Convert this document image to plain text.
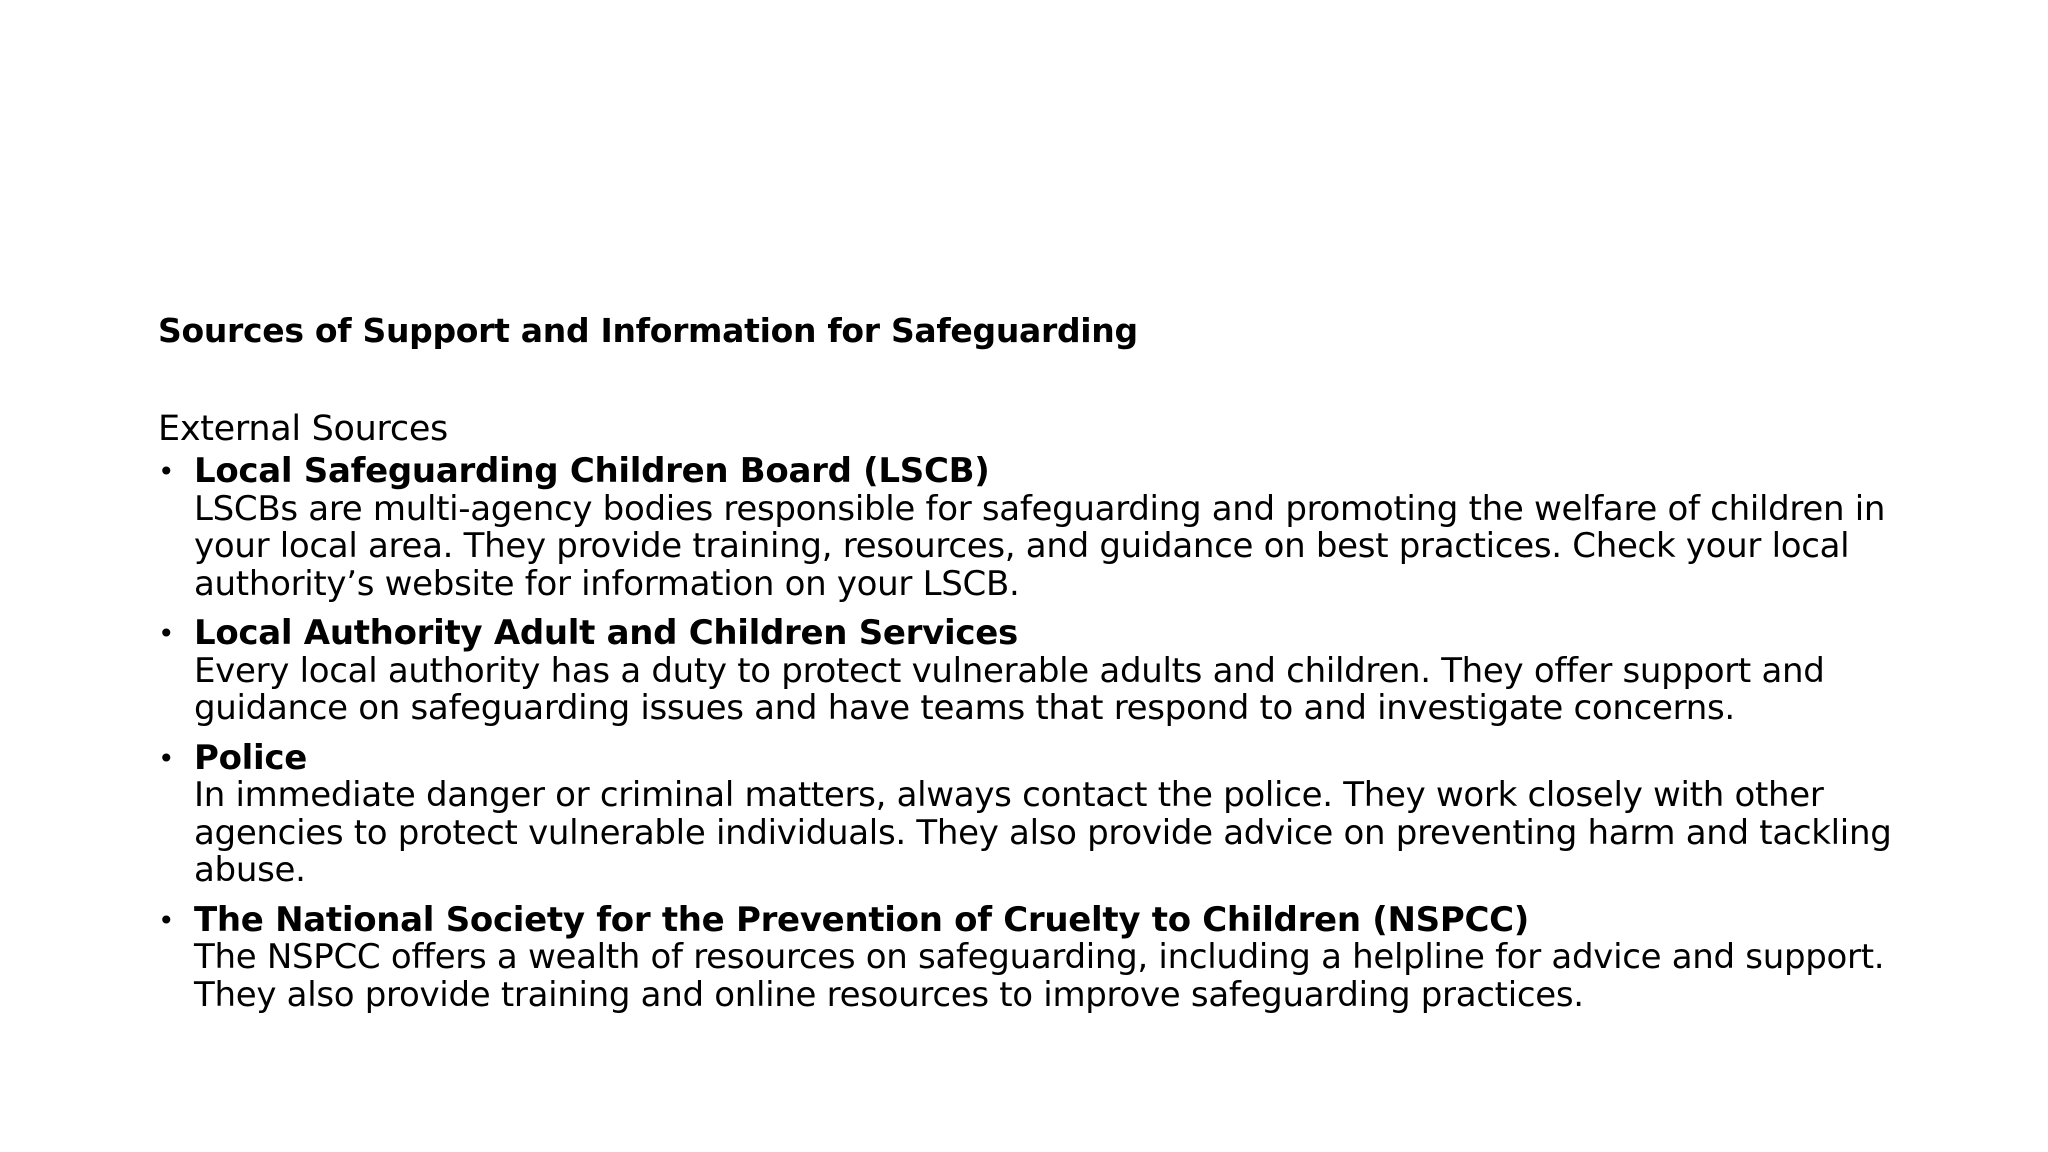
Sources of Support and Information for Safeguarding
External Sources
• Local Safeguarding Children Board (LSCB)
LSCBs are multi-agency bodies responsible for safeguarding and promoting the welfare of children in your local area. They provide training, resources, and guidance on best practices. Check your local authority’s website for information on your LSCB.
• Local Authority Adult and Children Services
Every local authority has a duty to protect vulnerable adults and children. They offer support and guidance on safeguarding issues and have teams that respond to and investigate concerns.
• Police
In immediate danger or criminal matters, always contact the police. They work closely with other agencies to protect vulnerable individuals. They also provide advice on preventing harm and tackling abuse.
• The National Society for the Prevention of Cruelty to Children (NSPCC)
The NSPCC offers a wealth of resources on safeguarding, including a helpline for advice and support. They also provide training and online resources to improve safeguarding practices.
